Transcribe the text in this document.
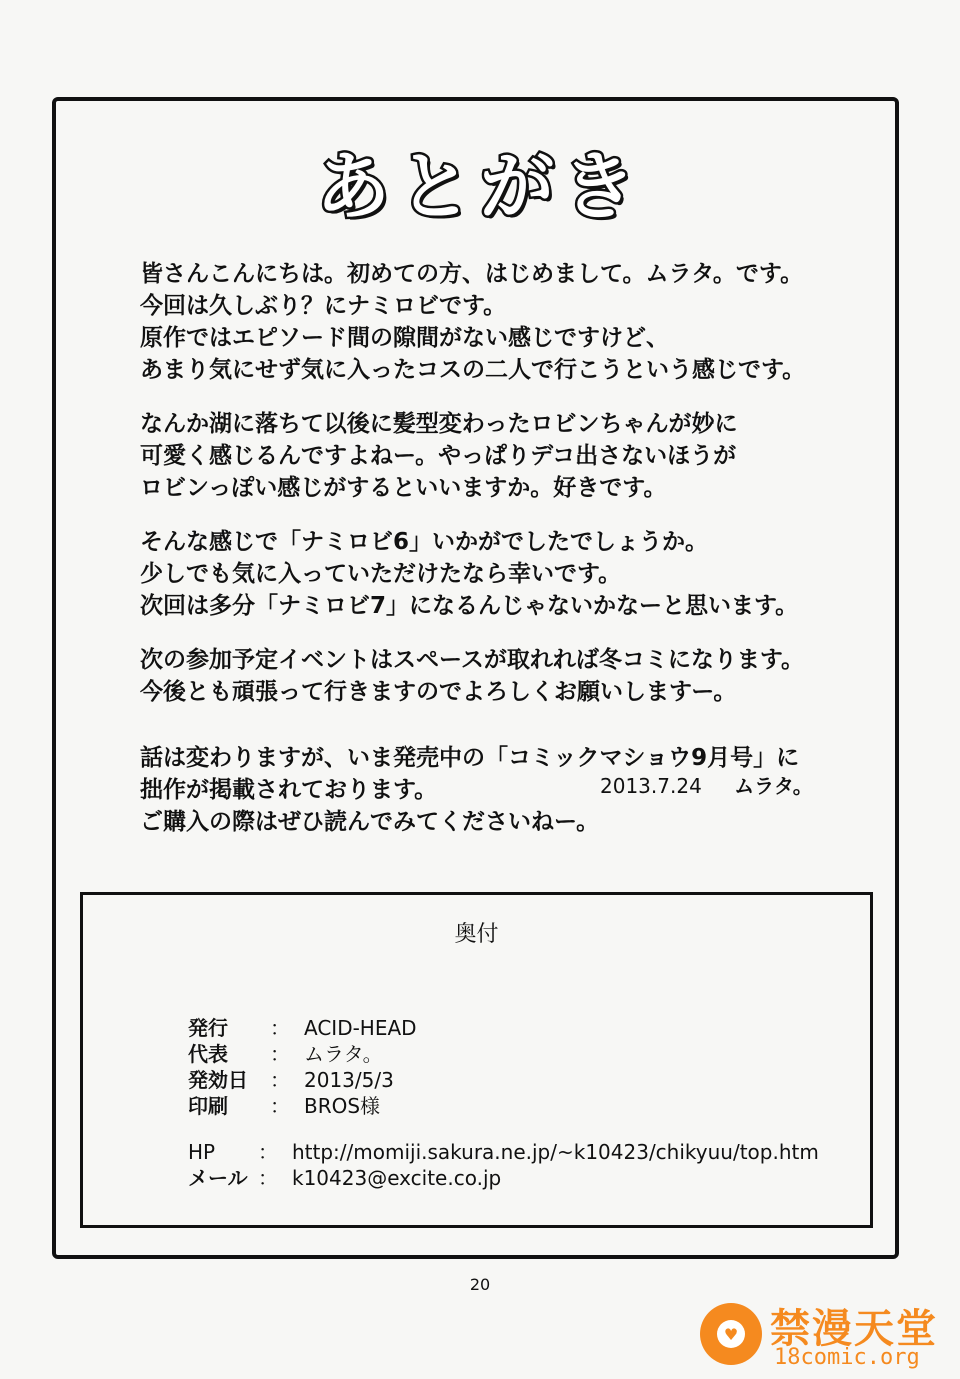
あとがき
皆さんこんにちは。初めての方、はじめまして。ムラタ。です。
今回は久しぶり？にナミロビです。
原作ではエピソード間の隙間がない感じですけど、
あまり気にせず気に入ったコスの二人で行こうという感じです。
なんか湖に落ちて以後に髪型変わったロビンちゃんが妙に
可愛く感じるんですよねー。やっぱりデコ出さないほうが
ロビンっぽい感じがするといいますか。好きです。
そんな感じで「ナミロビ6」いかがでしたでしょうか。
少しでも気に入っていただけたなら幸いです。
次回は多分「ナミロビ7」になるんじゃないかなーと思います。
次の参加予定イベントはスペースが取れれば冬コミになります。
今後とも頑張って行きますのでよろしくお願いしますー。
話は変わりますが、いま発売中の「コミックマショウ9月号」に
拙作が掲載されております。
ご購入の際はぜひ読んでみてくださいねー。
2013.7.24 ムラタ。
奥付
発行	： ACID-HEAD
代表	： ムラタ。
発効日	： 2013/5/3
印刷	： BROS様
HP	： http://momiji.sakura.ne.jp/~k10423/chikyuu/top.htm
メール ： k10423@excite.co.jp
20
♥ 禁漫天堂
18comic.org
